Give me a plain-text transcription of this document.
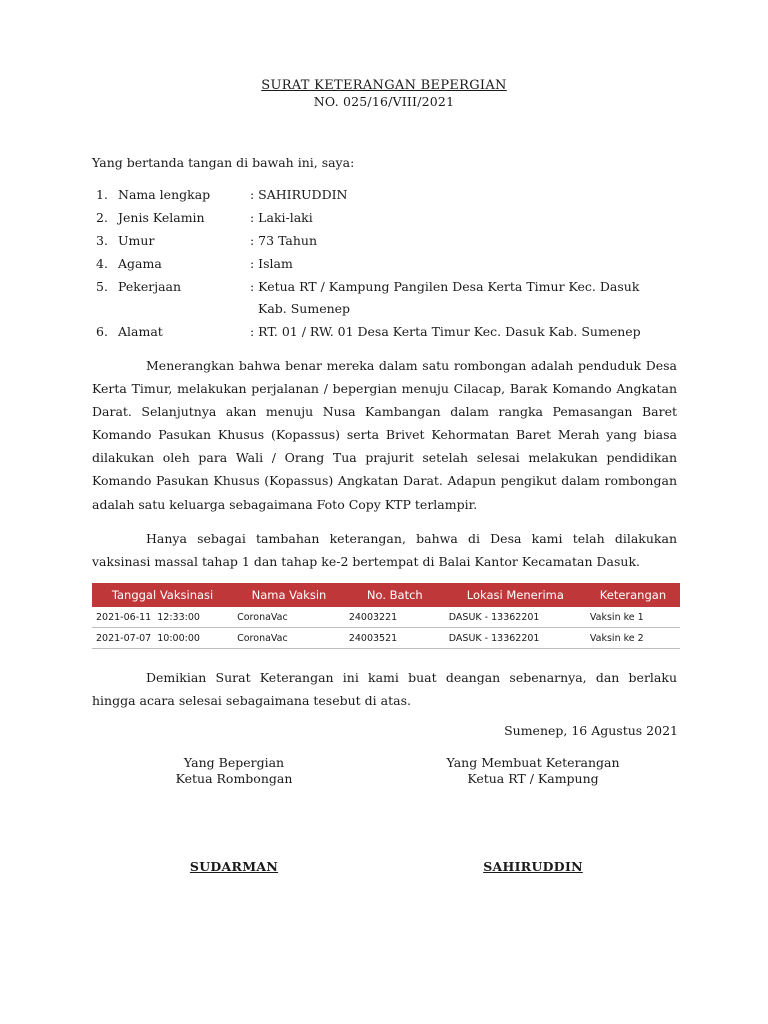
SURAT KETERANGAN BEPERGIAN
NO. 025/16/VIII/2021
Yang bertanda tangan di bawah ini, saya:
1. Nama lengkap	: SAHIRUDDIN
2. Jenis Kelamin	: Laki-laki
3. Umur	: 73 Tahun
4. Agama	: Islam
5. Pekerjaan	: Ketua RT / Kampung Pangilen Desa Kerta Timur Kec. Dasuk
Kab. Sumenep
6. Alamat	: RT. 01 / RW. 01 Desa Kerta Timur Kec. Dasuk Kab. Sumenep
Menerangkan bahwa benar mereka dalam satu rombongan adalah penduduk Desa Kerta Timur, melakukan perjalanan / bepergian menuju Cilacap, Barak Komando Angkatan Darat. Selanjutnya akan menuju Nusa Kambangan dalam rangka Pemasangan Baret Komando Pasukan Khusus (Kopassus) serta Brivet Kehormatan Baret Merah yang biasa dilakukan oleh para Wali / Orang Tua prajurit setelah selesai melakukan pendidikan Komando Pasukan Khusus (Kopassus) Angkatan Darat. Adapun pengikut dalam rombongan adalah satu keluarga sebagaimana Foto Copy KTP terlampir.
Hanya sebagai tambahan keterangan, bahwa di Desa kami telah dilakukan vaksinasi massal tahap 1 dan tahap ke-2 bertempat di Balai Kantor Kecamatan Dasuk.
Tanggal Vaksinasi	Nama Vaksin	No. Batch	Lokasi Menerima	Keterangan
2021-06-11  12:33:00	CoronaVac	24003221	DASUK - 13362201	Vaksin ke 1
2021-07-07  10:00:00	CoronaVac	24003521	DASUK - 13362201	Vaksin ke 2
Demikian Surat Keterangan ini kami buat deangan sebenarnya, dan berlaku hingga acara selesai sebagaimana tesebut di atas.
Sumenep, 16 Agustus 2021
Yang Bepergian
Ketua Rombongan
Yang Membuat Keterangan
Ketua RT / Kampung
SUDARMAN	SAHIRUDDIN
